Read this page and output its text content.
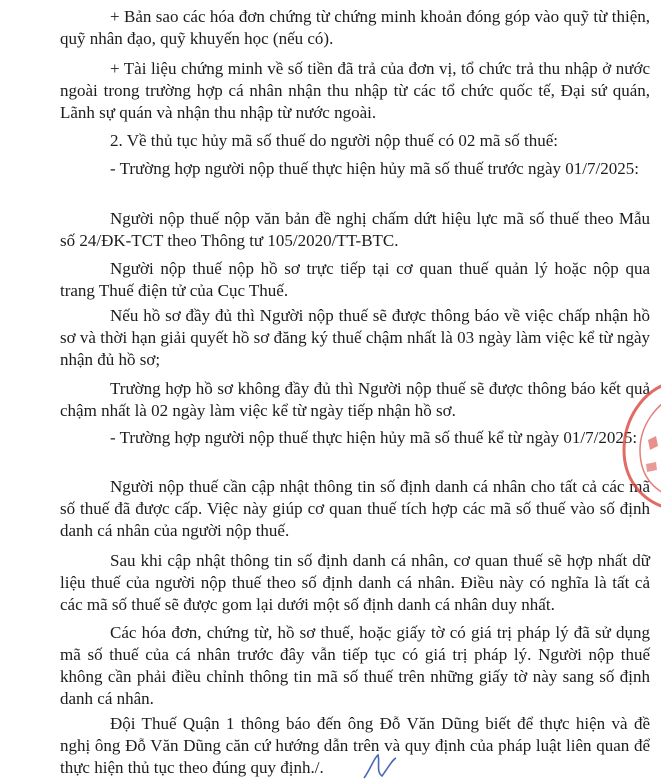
+ Bản sao các hóa đơn chứng từ chứng minh khoản đóng góp vào quỹ từ thiện, quỹ nhân đạo, quỹ khuyến học (nếu có).

+ Tài liệu chứng minh về số tiền đã trả của đơn vị, tổ chức trả thu nhập ở nước ngoài trong trường hợp cá nhân nhận thu nhập từ các tổ chức quốc tế, Đại sứ quán, Lãnh sự quán và nhận thu nhập từ nước ngoài.

2. Về thủ tục hủy mã số thuế do người nộp thuế có 02 mã số thuế:

- Trường hợp người nộp thuế thực hiện hủy mã số thuế trước ngày 01/7/2025:

Người nộp thuế nộp văn bản đề nghị chấm dứt hiệu lực mã số thuế theo Mẫu số 24/ĐK-TCT theo Thông tư 105/2020/TT-BTC.

Người nộp thuế nộp hồ sơ trực tiếp tại cơ quan thuế quản lý hoặc nộp qua trang Thuế điện tử của Cục Thuế.

Nếu hồ sơ đầy đủ thì Người nộp thuế sẽ được thông báo về việc chấp nhận hồ sơ và thời hạn giải quyết hồ sơ đăng ký thuế chậm nhất là 03 ngày làm việc kể từ ngày nhận đủ hồ sơ;

Trường hợp hồ sơ không đầy đủ thì Người nộp thuế sẽ được thông báo kết quả chậm nhất là 02 ngày làm việc kể từ ngày tiếp nhận hồ sơ.

- Trường hợp người nộp thuế thực hiện hủy mã số thuế kể từ ngày 01/7/2025:

Người nộp thuế cần cập nhật thông tin số định danh cá nhân cho tất cả các mã số thuế đã được cấp. Việc này giúp cơ quan thuế tích hợp các mã số thuế vào số định danh cá nhân của người nộp thuế.

Sau khi cập nhật thông tin số định danh cá nhân, cơ quan thuế sẽ hợp nhất dữ liệu thuế của người nộp thuế theo số định danh cá nhân. Điều này có nghĩa là tất cả các mã số thuế sẽ được gom lại dưới một số định danh cá nhân duy nhất.

Các hóa đơn, chứng từ, hồ sơ thuế, hoặc giấy tờ có giá trị pháp lý đã sử dụng mã số thuế của cá nhân trước đây vẫn tiếp tục có giá trị pháp lý. Người nộp thuế không cần phải điều chỉnh thông tin mã số thuế trên những giấy tờ này sang số định danh cá nhân.

Đội Thuế Quận 1 thông báo đến ông Đỗ Văn Dũng biết để thực hiện và đề nghị ông Đỗ Văn Dũng căn cứ hướng dẫn trên và quy định của pháp luật liên quan để thực hiện thủ tục theo đúng quy định./.
